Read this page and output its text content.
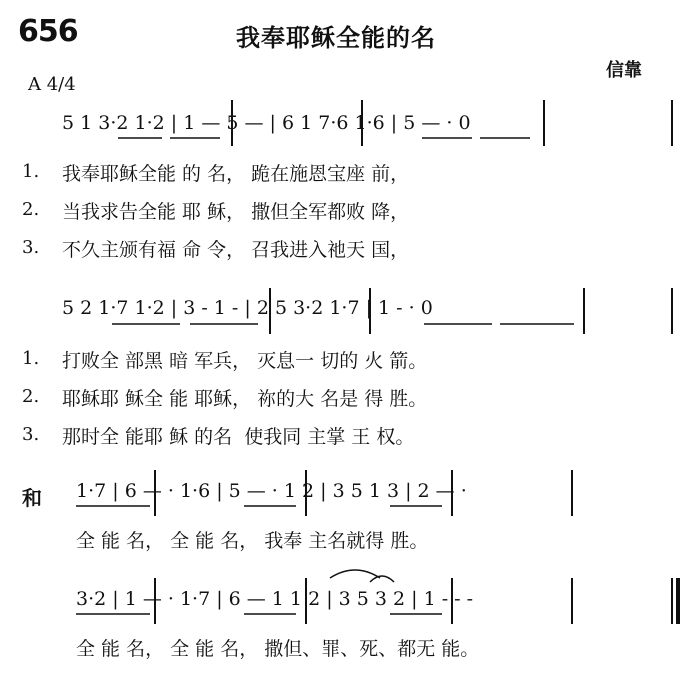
656	我奉耶稣全能的名
信靠
A 4/4
5 1 3·2 1·2 | 1 — 5 — | 6 1 7·6 1·6 | 5 — · 0
1. 我奉耶稣全能 的 名， 跪在施恩宝座 前，
2. 当我求告全能 耶 稣， 撒但全军都败 降，
3. 不久主颁有福 命 令， 召我进入祂天 国，
5 2 1·7 1·2 | 3 - 1 - | 2 5 3·2 1·7 | 1 - · 0
1. 打败全 部黑 暗 军兵， 灭息一 切的 火 箭。
2. 耶稣耶 稣全 能 耶稣， 祢的大 名是 得 胜。
3. 那时全 能耶 稣 的名  使我同 主掌 王 权。
和 1·7 | 6 — · 1·6 | 5 — · 1 2 | 3 5 1 3 | 2 — ·
全 能 名， 全 能 名， 我奉 主名就得 胜。
3·2 | 1 — · 1·7 | 6 — 1 1 2 | 3 5 3 2 | 1 - - -
全 能 名， 全 能 名， 撒但、罪、死、都无 能。
